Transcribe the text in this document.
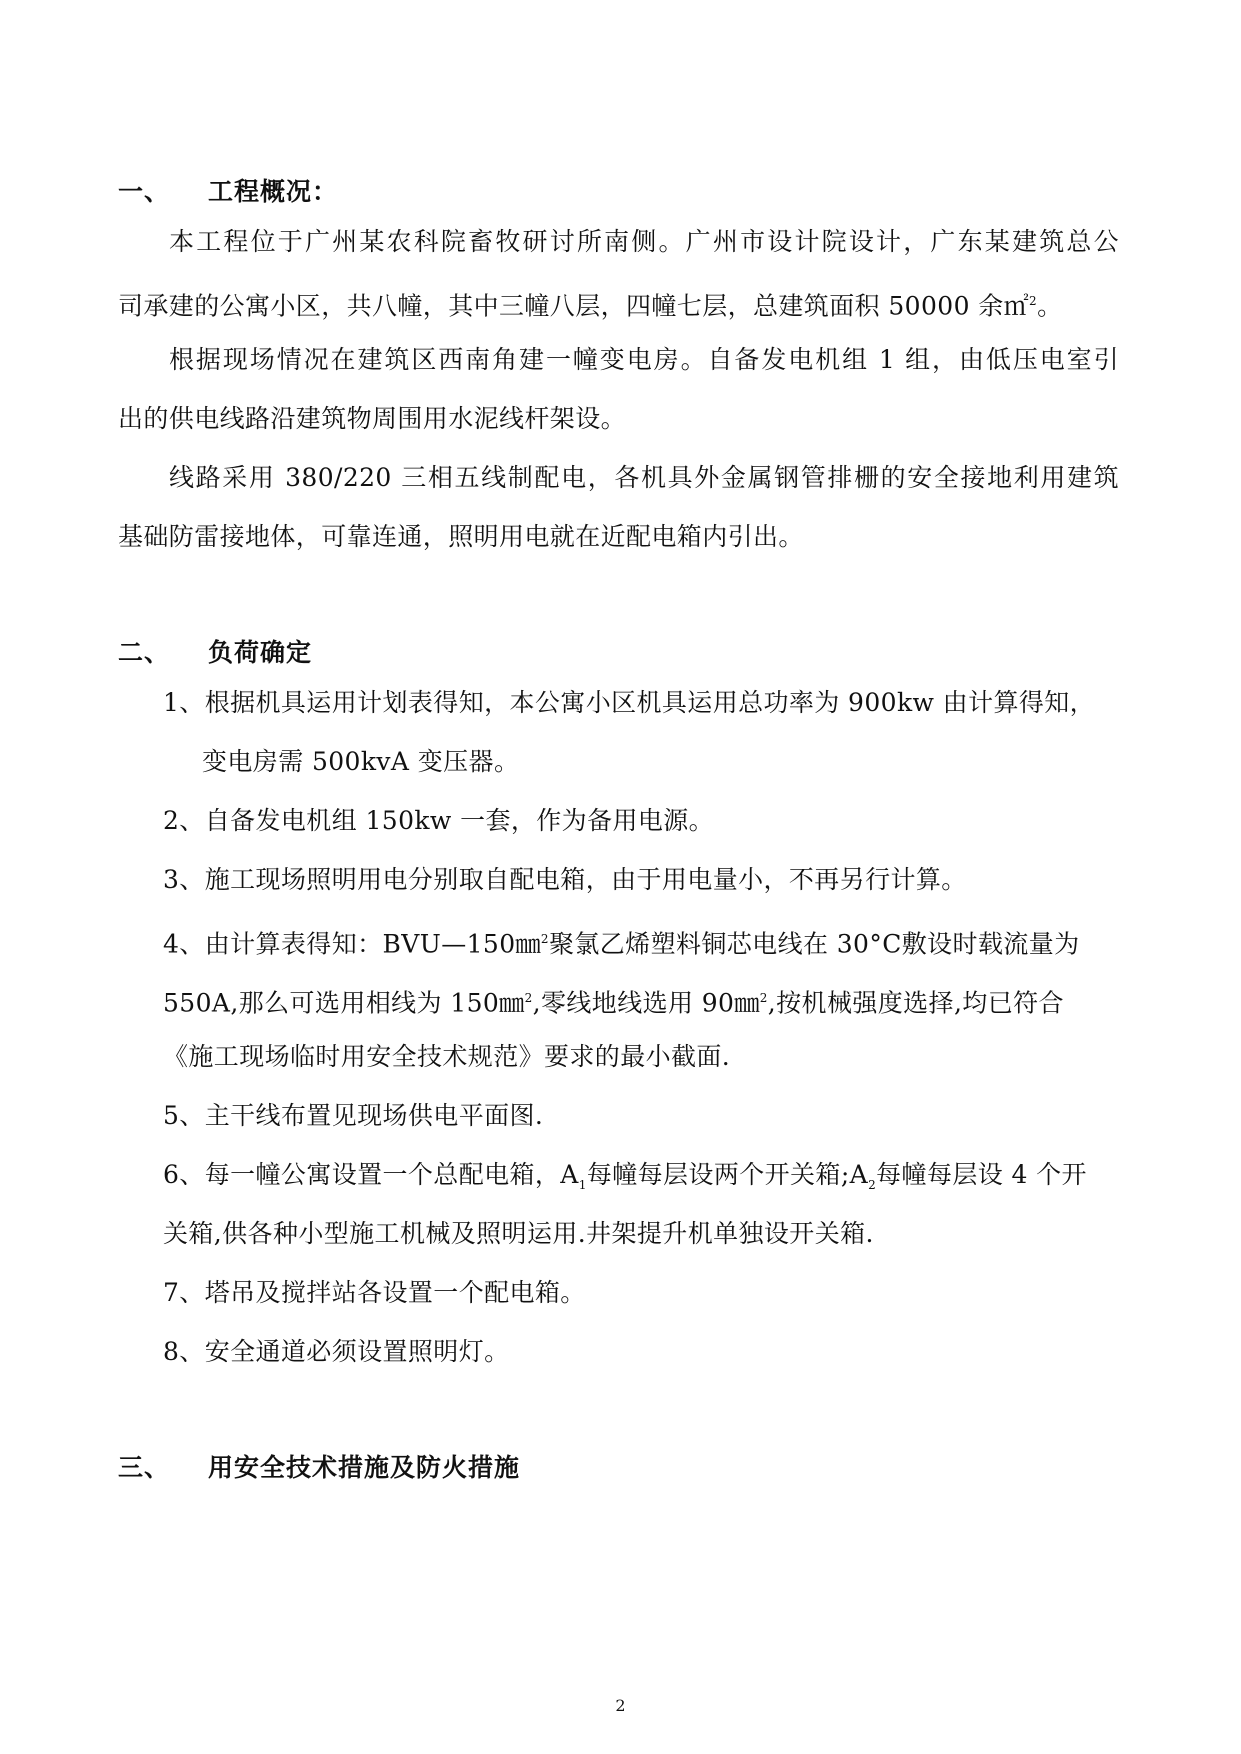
一、 工程概况：
本工程位于广州某农科院畜牧研讨所南侧。广州市设计院设计，广东某建筑总公
司承建的公寓小区，共八幢，其中三幢八层，四幢七层，总建筑面积 50000 余㎡$^2$。
根据现场情况在建筑区西南角建一幢变电房。自备发电机组 1 组，由低压电室引
出的供电线路沿建筑物周围用水泥线杆架设。
线路采用 380/220 三相五线制配电，各机具外金属钢管排栅的安全接地利用建筑
基础防雷接地体，可靠连通，照明用电就在近配电箱内引出。
二、 负荷确定
1、根据机具运用计划表得知，本公寓小区机具运用总功率为 900kw 由计算得知，
变电房需 500kvA 变压器。
2、自备发电机组 150kw 一套，作为备用电源。
3、施工现场照明用电分别取自配电箱，由于用电量小，不再另行计算。
4、由计算表得知：BVU—150㎜$^2$聚氯乙烯塑料铜芯电线在 30°C敷设时载流量为
550A,那么可选用相线为 150㎜$^2$,零线地线选用 90㎜$^2$,按机械强度选择,均已符合
《施工现场临时用安全技术规范》要求的最小截面.
5、主干线布置见现场供电平面图.
6、每一幢公寓设置一个总配电箱，$A_1$每幢每层设两个开关箱$;A_2$每幢每层设 4 个开
关箱,供各种小型施工机械及照明运用.井架提升机单独设开关箱.
7、塔吊及搅拌站各设置一个配电箱。
8、安全通道必须设置照明灯。
三、 用安全技术措施及防火措施
2
